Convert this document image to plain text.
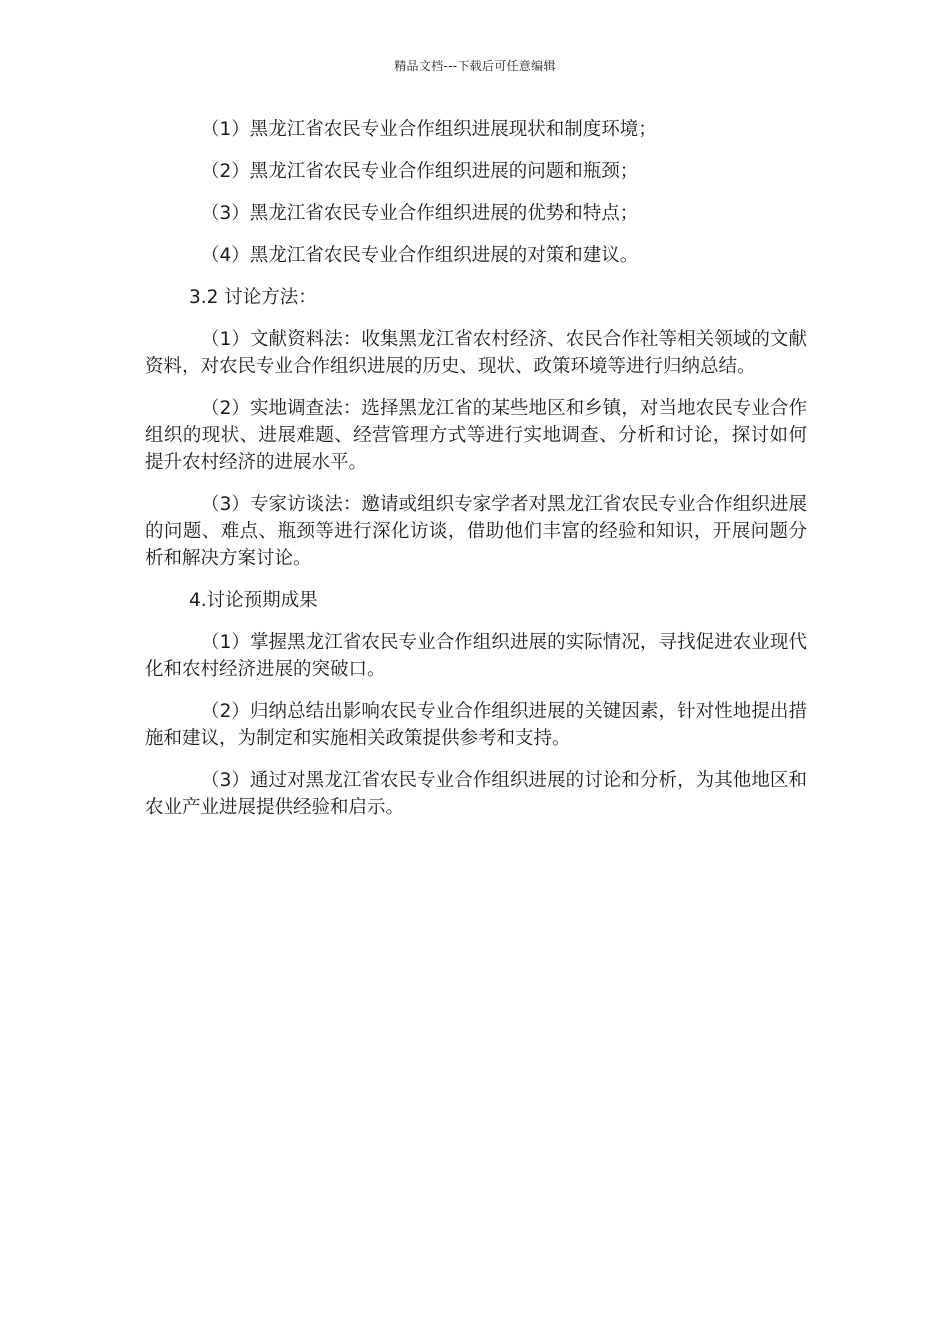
精品文档---下载后可任意编辑

（1）黑龙江省农民专业合作组织进展现状和制度环境；

（2）黑龙江省农民专业合作组织进展的问题和瓶颈；

（3）黑龙江省农民专业合作组织进展的优势和特点；

（4）黑龙江省农民专业合作组织进展的对策和建议。

3.2 讨论方法：

（1）文献资料法：收集黑龙江省农村经济、农民合作社等相关领域的文献资料，对农民专业合作组织进展的历史、现状、政策环境等进行归纳总结。

（2）实地调查法：选择黑龙江省的某些地区和乡镇，对当地农民专业合作组织的现状、进展难题、经营管理方式等进行实地调查、分析和讨论，探讨如何提升农村经济的进展水平。

（3）专家访谈法：邀请或组织专家学者对黑龙江省农民专业合作组织进展的问题、难点、瓶颈等进行深化访谈，借助他们丰富的经验和知识，开展问题分析和解决方案讨论。

4.讨论预期成果

（1）掌握黑龙江省农民专业合作组织进展的实际情况，寻找促进农业现代化和农村经济进展的突破口。

（2）归纳总结出影响农民专业合作组织进展的关键因素，针对性地提出措施和建议，为制定和实施相关政策提供参考和支持。

（3）通过对黑龙江省农民专业合作组织进展的讨论和分析，为其他地区和农业产业进展提供经验和启示。
